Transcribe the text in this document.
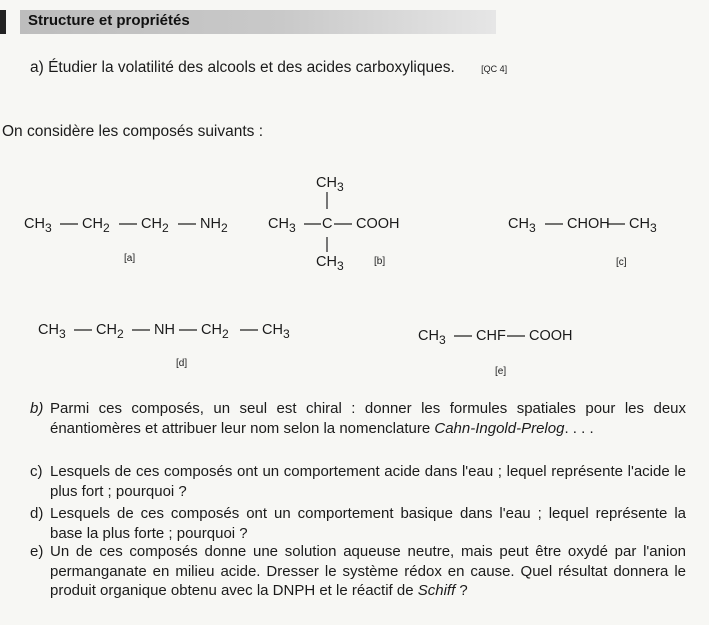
Structure et propriétés
a) Étudier la volatilité des alcools et des acides carboxyliques.	[QC 4]
On considère les composés suivants :
$CH_3$ $CH_2$ $CH_2$ $NH_2$
[a]
$CH_3$
$CH_3$ C COOH
$CH_3$	[b]
$CH_3$ CHOH $CH_3$
[c]
$CH_3$ $CH_2$ NH $CH_2$ $CH_3$
[d]
$CH_3$ CHF COOH
[e]
b) Parmi ces composés, un seul est chiral : donner les formules spatiales pour les deux énantiomères et attribuer leur nom selon la nomenclature Cahn-Ingold-Prelog. . . .
c) Lesquels de ces composés ont un comportement acide dans l'eau ; lequel représente l'acide le plus fort ; pourquoi ?
d) Lesquels de ces composés ont un comportement basique dans l'eau ; lequel représente la base la plus forte ; pourquoi ?
e) Un de ces composés donne une solution aqueuse neutre, mais peut être oxydé par l'anion permanganate en milieu acide. Dresser le système rédox en cause. Quel résultat donnera le produit organique obtenu avec la DNPH et le réactif de Schiff ?
